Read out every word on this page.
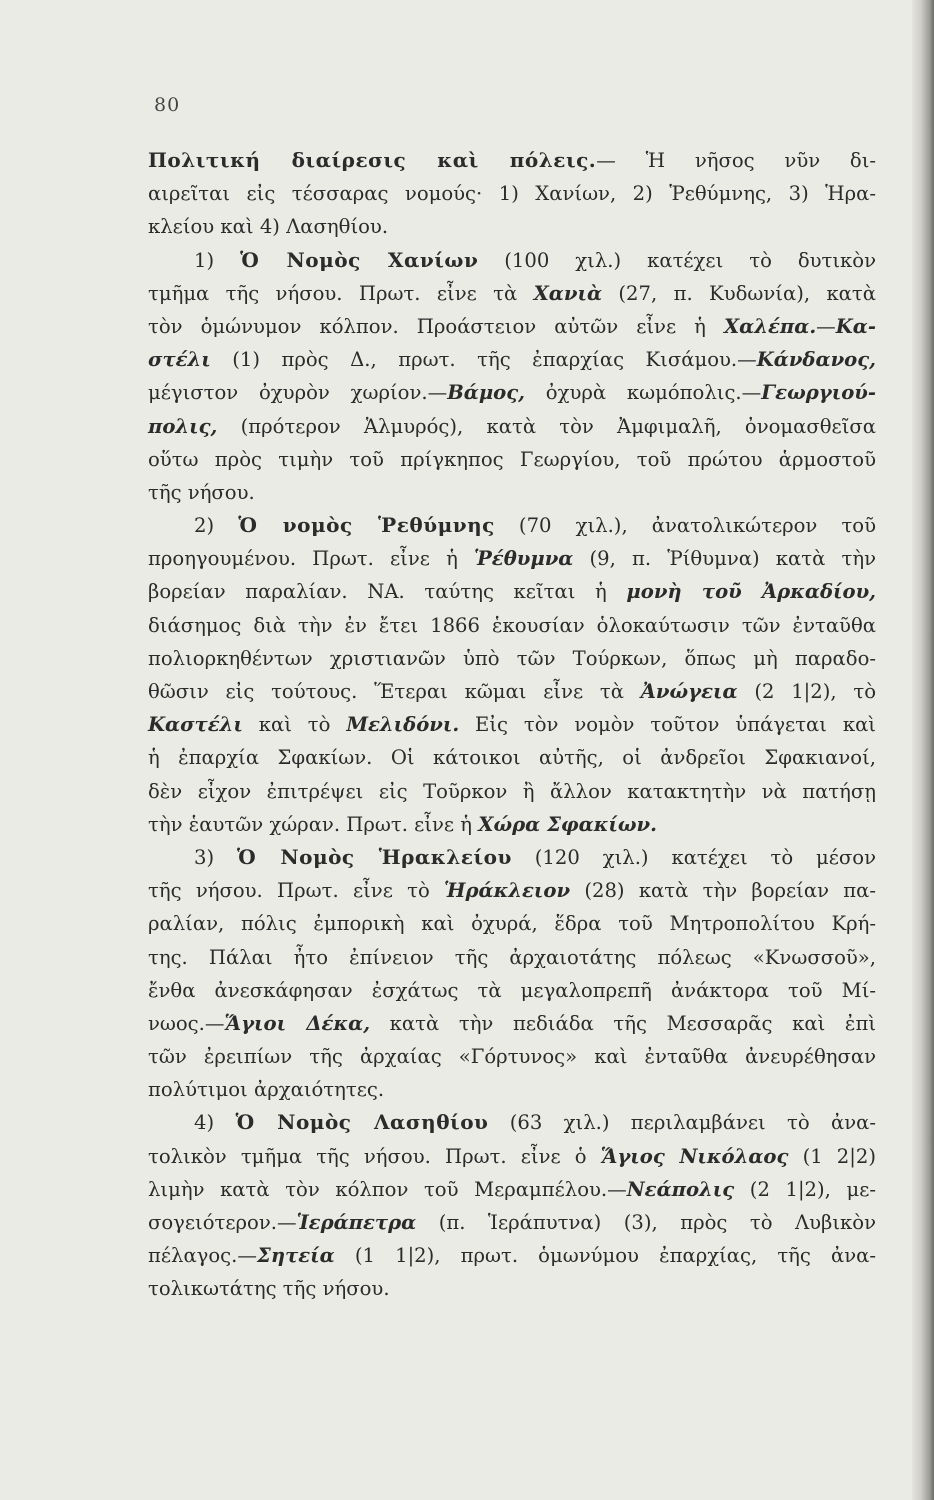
80
Πολιτική διαίρεσις καὶ πόλεις.— Ἡ νῆσος νῦν δι-
αιρεῖται εἰς τέσσαρας νομούς· 1) Χανίων, 2) Ῥεθύμνης, 3) Ἡρα-
κλείου καὶ 4) Λασηθίου.
1) Ὁ Νομὸς Χανίων (100 χιλ.) κατέχει τὸ δυτικὸν
τμῆμα τῆς νήσου. Πρωτ. εἶνε τὰ Χανιὰ (27, π. Κυδωνία), κατὰ
τὸν ὁμώνυμον κόλπον. Προάστειον αὐτῶν εἶνε ἡ Χαλέπα.—Κα-
στέλι (1) πρὸς Δ., πρωτ. τῆς ἐπαρχίας Κισάμου.—Κάνδανος,
μέγιστον ὀχυρὸν χωρίον.—Βάμος, ὀχυρὰ κωμόπολις.—Γεωργιού-
πολις, (πρότερον Ἁλμυρός), κατὰ τὸν Ἀμφιμαλῆ, ὀνομασθεῖσα
οὕτω πρὸς τιμὴν τοῦ πρίγκηπος Γεωργίου, τοῦ πρώτου ἁρμοστοῦ
τῆς νήσου.
2) Ὁ νομὸς Ῥεθύμνης (70 χιλ.), ἀνατολικώτερον τοῦ
προηγουμένου. Πρωτ. εἶνε ἡ Ῥέθυμνα (9, π. Ῥίθυμνα) κατὰ τὴν
βορείαν παραλίαν. ΝΑ. ταύτης κεῖται ἡ μονὴ τοῦ Ἀρκαδίου,
διάσημος διὰ τὴν ἐν ἔτει 1866 ἑκουσίαν ὁλοκαύτωσιν τῶν ἐνταῦθα
πολιορκηθέντων χριστιανῶν ὑπὸ τῶν Τούρκων, ὅπως μὴ παραδο-
θῶσιν εἰς τούτους. Ἕτεραι κῶμαι εἶνε τὰ Ἀνώγεια (2 1|2), τὸ
Καστέλι καὶ τὸ Μελιδόνι. Εἰς τὸν νομὸν τοῦτον ὑπάγεται καὶ
ἡ ἐπαρχία Σφακίων. Οἱ κάτοικοι αὐτῆς, οἱ ἀνδρεῖοι Σφακιανοί,
δὲν εἶχον ἐπιτρέψει εἰς Τοῦρκον ἢ ἄλλον κατακτητὴν νὰ πατήσῃ
τὴν ἑαυτῶν χώραν. Πρωτ. εἶνε ἡ Χώρα Σφακίων.
3) Ὁ Νομὸς Ἡρακλείου (120 χιλ.) κατέχει τὸ μέσον
τῆς νήσου. Πρωτ. εἶνε τὸ Ἡράκλειον (28) κατὰ τὴν βορείαν πα-
ραλίαν, πόλις ἐμπορικὴ καὶ ὀχυρά, ἕδρα τοῦ Μητροπολίτου Κρή-
της. Πάλαι ἦτο ἐπίνειον τῆς ἀρχαιοτάτης πόλεως «Κνωσσοῦ»,
ἔνθα ἀνεσκάφησαν ἐσχάτως τὰ μεγαλοπρεπῆ ἀνάκτορα τοῦ Μί-
νωος.—Ἅγιοι Δέκα, κατὰ τὴν πεδιάδα τῆς Μεσσαρᾶς καὶ ἐπὶ
τῶν ἐρειπίων τῆς ἀρχαίας «Γόρτυνος» καὶ ἐνταῦθα ἀνευρέθησαν
πολύτιμοι ἀρχαιότητες.
4) Ὁ Νομὸς Λασηθίου (63 χιλ.) περιλαμβάνει τὸ ἀνα-
τολικὸν τμῆμα τῆς νήσου. Πρωτ. εἶνε ὁ Ἅγιος Νικόλαος (1 2|2)
λιμὴν κατὰ τὸν κόλπον τοῦ Μεραμπέλου.—Νεάπολις (2 1|2), με-
σογειότερον.—Ἱεράπετρα (π. Ἱεράπυτνα) (3), πρὸς τὸ Λυβικὸν
πέλαγος.—Σητεία (1 1|2), πρωτ. ὁμωνύμου ἐπαρχίας, τῆς ἀνα-
τολικωτάτης τῆς νήσου.
